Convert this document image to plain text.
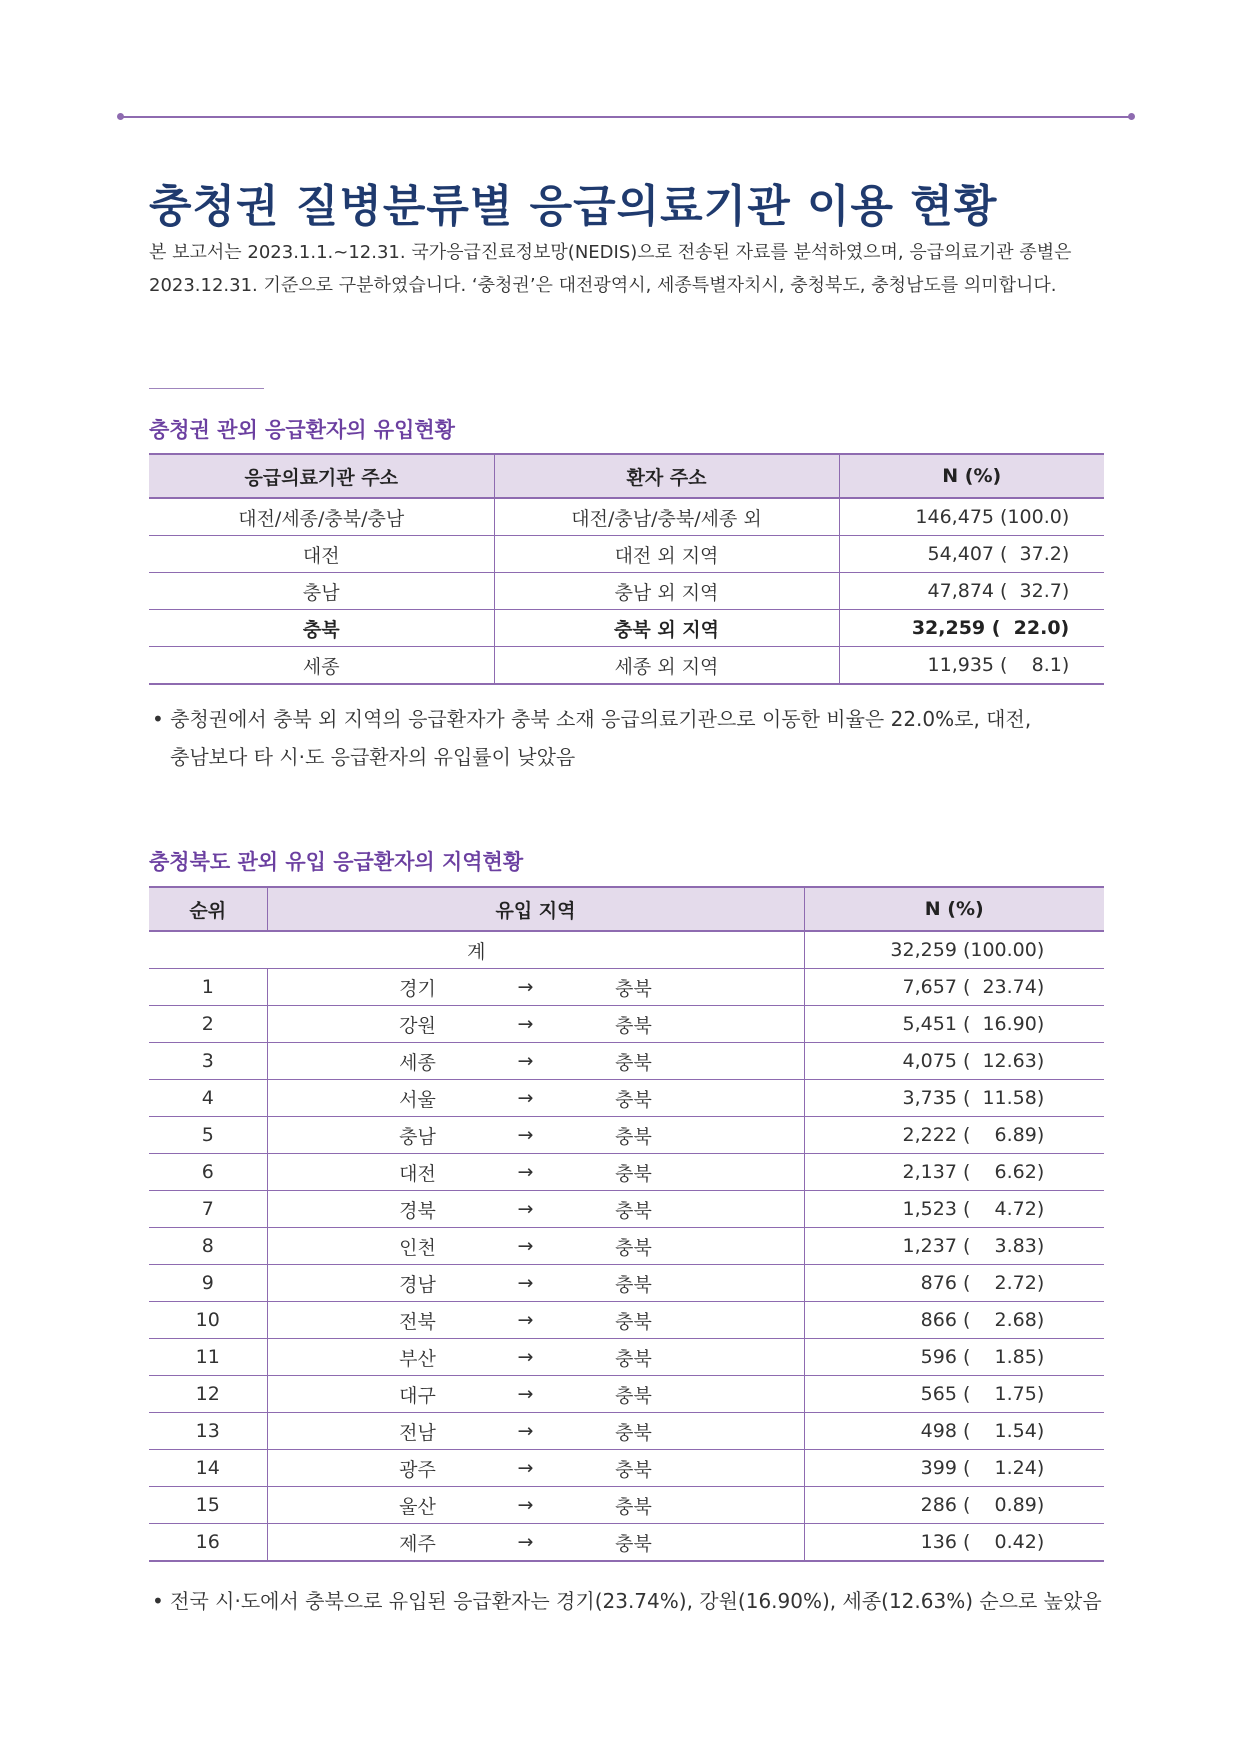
충청권 질병분류별 응급의료기관 이용 현황

본 보고서는 2023.1.1.~12.31. 국가응급진료정보망(NEDIS)으로 전송된 자료를 분석하였으며, 응급의료기관 종별은

2023.12.31. 기준으로 구분하였습니다. ‘충청권’은 대전광역시, 세종특별자치시, 충청북도, 충청남도를 의미합니다.

충청권 관외 응급환자의 유입현황
응급의료기관 주소	환자 주소	N (%)
대전/세종/충북/충남	대전/충남/충북/세종 외	146,475 (100.0)
대전	대전 외 지역	54,407 (  37.2)
충남	충남 외 지역	47,874 (  32.7)
충북	충북 외 지역	32,259 (  22.0)
세종	세종 외 지역	11,935 (    8.1)

• 충청권에서 충북 외 지역의 응급환자가 충북 소재 응급의료기관으로 이동한 비율은 22.0%로, 대전,

충남보다 타 시·도 응급환자의 유입률이 낮았음

충청북도 관외 유입 응급환자의 지역현황
순위	유입 지역	N (%)
계		32,259 (100.00)
1	경기 → 충북	7,657 (  23.74)
2	강원 → 충북	5,451 (  16.90)
3	세종 → 충북	4,075 (  12.63)
4	서울 → 충북	3,735 (  11.58)
5	충남 → 충북	2,222 (    6.89)
6	대전 → 충북	2,137 (    6.62)
7	경북 → 충북	1,523 (    4.72)
8	인천 → 충북	1,237 (    3.83)
9	경남 → 충북	876 (    2.72)
10	전북 → 충북	866 (    2.68)
11	부산 → 충북	596 (    1.85)
12	대구 → 충북	565 (    1.75)
13	전남 → 충북	498 (    1.54)
14	광주 → 충북	399 (    1.24)
15	울산 → 충북	286 (    0.89)
16	제주 → 충북	136 (    0.42)

• 전국 시·도에서 충북으로 유입된 응급환자는 경기(23.74%), 강원(16.90%), 세종(12.63%) 순으로 높았음
